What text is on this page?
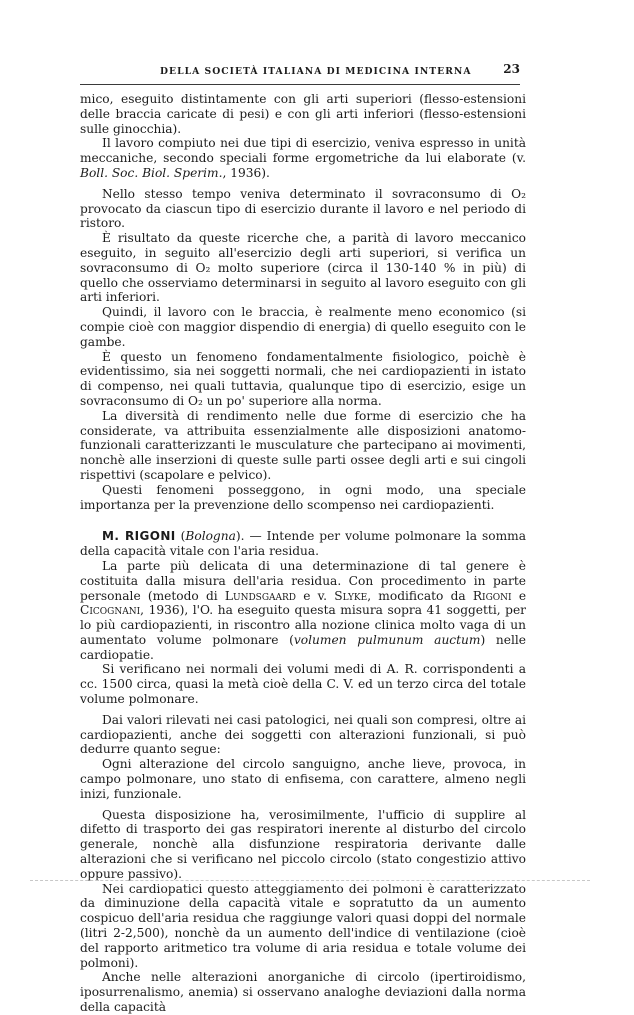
DELLA SOCIETÀ ITALIANA DI MEDICINA INTERNA	23

mico, eseguito distintamente con gli arti superiori (flesso-estensioni delle braccia caricate di pesi) e con gli arti inferiori (flesso-estensioni sulle ginocchia).

Il lavoro compiuto nei due tipi di esercizio, veniva espresso in unità meccaniche, secondo speciali forme ergometriche da lui elaborate (v. Boll. Soc. Biol. Sperim., 1936).

Nello stesso tempo veniva determinato il sovraconsumo di O₂ provocato da ciascun tipo di esercizio durante il lavoro e nel periodo di ristoro.

È risultato da queste ricerche che, a parità di lavoro meccanico eseguito, in seguito all'esercizio degli arti superiori, si verifica un sovraconsumo di O₂ molto superiore (circa il 130-140 % in più) di quello che osserviamo determinarsi in seguito al lavoro eseguito con gli arti inferiori.

Quindi, il lavoro con le braccia, è realmente meno economico (si compie cioè con maggior dispendio di energia) di quello eseguito con le gambe.

È questo un fenomeno fondamentalmente fisiologico, poichè è evidentissimo, sia nei soggetti normali, che nei cardiopazienti in istato di compenso, nei quali tuttavia, qualunque tipo di esercizio, esige un sovraconsumo di O₂ un po' superiore alla norma.

La diversità di rendimento nelle due forme di esercizio che ha considerate, va attribuita essenzialmente alle disposizioni anatomo-funzionali caratterizzanti le musculature che partecipano ai movimenti, nonchè alle inserzioni di queste sulle parti ossee degli arti e sui cingoli rispettivi (scapolare e pelvico).

Questi fenomeni posseggono, in ogni modo, una speciale importanza per la prevenzione dello scompenso nei cardiopazienti.

M. RIGONI (Bologna). — Intende per volume polmonare la somma della capacità vitale con l'aria residua.

La parte più delicata di una determinazione di tal genere è costituita dalla misura dell'aria residua. Con procedimento in parte personale (metodo di Lundsgaard e v. Slyke, modificato da Rigoni e Cicognani, 1936), l'O. ha eseguito questa misura sopra 41 soggetti, per lo più cardiopazienti, in riscontro alla nozione clinica molto vaga di un aumentato volume polmonare (volumen pulmunum auctum) nelle cardiopatie.

Si verificano nei normali dei volumi medi di A. R. corrispondenti a cc. 1500 circa, quasi la metà cioè della C. V. ed un terzo circa del totale volume polmonare.

Dai valori rilevati nei casi patologici, nei quali son compresi, oltre ai cardiopazienti, anche dei soggetti con alterazioni funzionali, si può dedurre quanto segue:

Ogni alterazione del circolo sanguigno, anche lieve, provoca, in campo polmonare, uno stato di enfisema, con carattere, almeno negli inizi, funzionale.

Questa disposizione ha, verosimilmente, l'ufficio di supplire al difetto di trasporto dei gas respiratori inerente al disturbo del circolo generale, nonchè alla disfunzione respiratoria derivante dalle alterazioni che si verificano nel piccolo circolo (stato congestizio attivo oppure passivo).

Nei cardiopatici questo atteggiamento dei polmoni è caratterizzato da diminuzione della capacità vitale e sopratutto da un aumento cospicuo dell'aria residua che raggiunge valori quasi doppi del normale (litri 2-2,500), nonchè da un aumento dell'indice di ventilazione (cioè del rapporto aritmetico tra volume di aria residua e totale volume dei polmoni).

Anche nelle alterazioni anorganiche di circolo (ipertiroidismo, iposurrenalismo, anemia) si osservano analoghe deviazioni dalla norma della capacità
